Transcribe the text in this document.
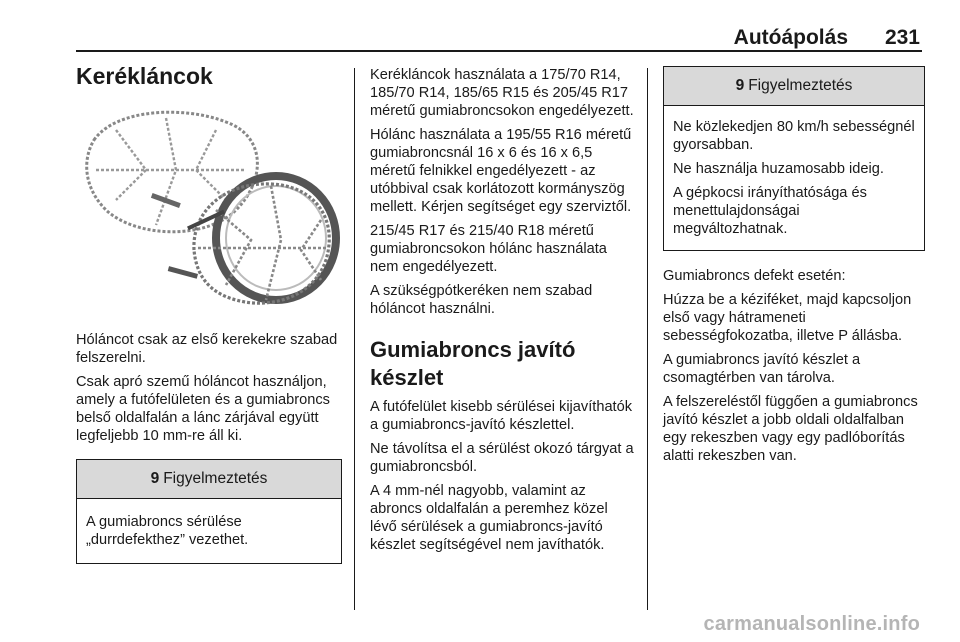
Autóápolás 231
Kerékláncok

Hóláncot csak az első kerekekre szabad felszerelni.

Csak apró szemű hóláncot használjon, amely a futófelületen és a gumiabroncs belső oldalfalán a lánc zárjával együtt legfeljebb 10 mm-re áll ki.

9 Figyelmeztetés

A gumiabroncs sérülése „durrdefekthez” vezethet.

Kerékláncok használata a 175/70 R14, 185/70 R14, 185/65 R15 és 205/45 R17 méretű gumiabroncsokon engedélyezett.

Hólánc használata a 195/55 R16 méretű gumiabroncsnál 16 x 6 és 16 x 6,5 méretű felnikkel engedélyezett - az utóbbival csak korlátozott kormányszög mellett. Kérjen segítséget egy szerviztől.

215/45 R17 és 215/40 R18 méretű gumiabroncsokon hólánc használata nem engedélyezett.

A szükségpótkeréken nem szabad hóláncot használni.

Gumiabroncs javító készlet

A futófelület kisebb sérülései kijavíthatók a gumiabroncs-javító készlettel.

Ne távolítsa el a sérülést okozó tárgyat a gumiabroncsból.

A 4 mm-nél nagyobb, valamint az abroncs oldalfalán a peremhez közel lévő sérülések a gumiabroncs-javító készlet segítségével nem javíthatók.

9 Figyelmeztetés

Ne közlekedjen 80 km/h sebességnél gyorsabban.

Ne használja huzamosabb ideig.

A gépkocsi irányíthatósága és menettulajdonságai megváltozhatnak.

Gumiabroncs defekt esetén:

Húzza be a kéziféket, majd kapcsoljon első vagy hátrameneti sebességfokozatba, illetve P állásba.

A gumiabroncs javító készlet a csomagtérben van tárolva.

A felszereléstől függően a gumiabroncs javító készlet a jobb oldali oldalfalban egy rekeszben vagy egy padlóborítás alatti rekeszben van.

carmanualsonline.info
